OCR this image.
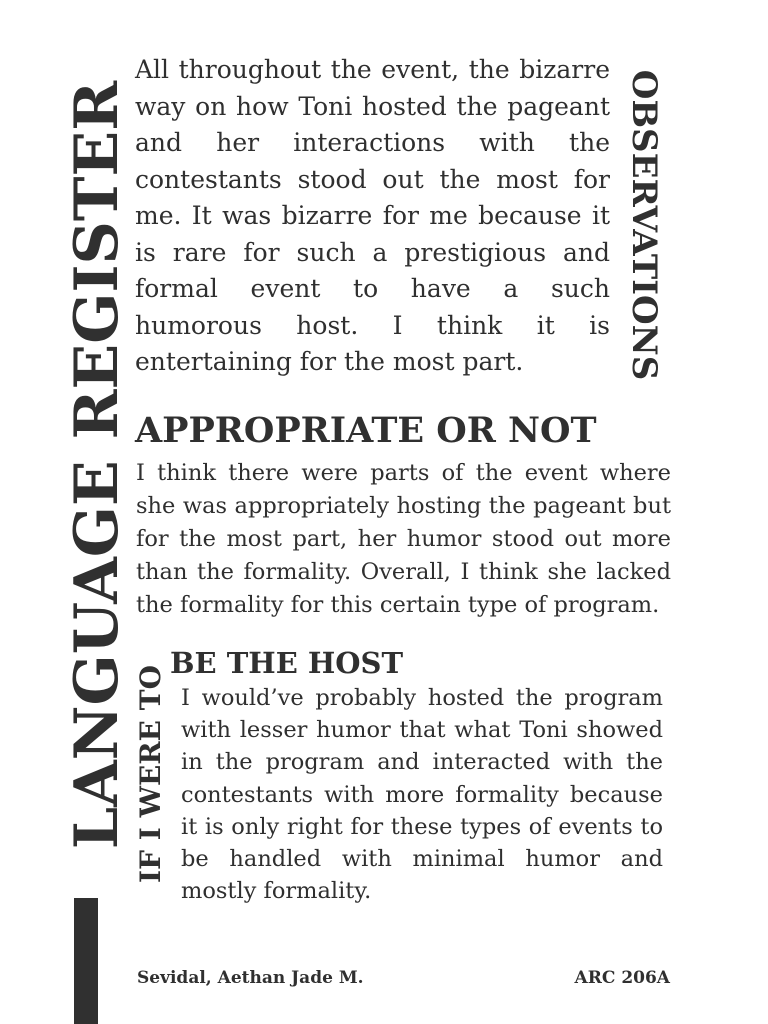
LANGUAGE REGISTER
All throughout the event, the bizarre way on how Toni hosted the pageant and her interactions with the contestants stood out the most for me. It was bizarre for me because it is rare for such a prestigious and formal event to have a such humorous host. I think it is entertaining for the most part.	OBSERVATIONS
APPROPRIATE OR NOT
I think there were parts of the event where she was appropriately hosting the pageant but for the most part, her humor stood out more than the formality. Overall, I think she lacked the formality for this certain type of program.
IF I WERE TO
BE THE HOST
I would’ve probably hosted the program with lesser humor that what Toni showed in the program and interacted with the contestants with more formality because it is only right for these types of events to be handled with minimal humor and mostly formality.
Sevidal, Aethan Jade M.	ARC 206A
